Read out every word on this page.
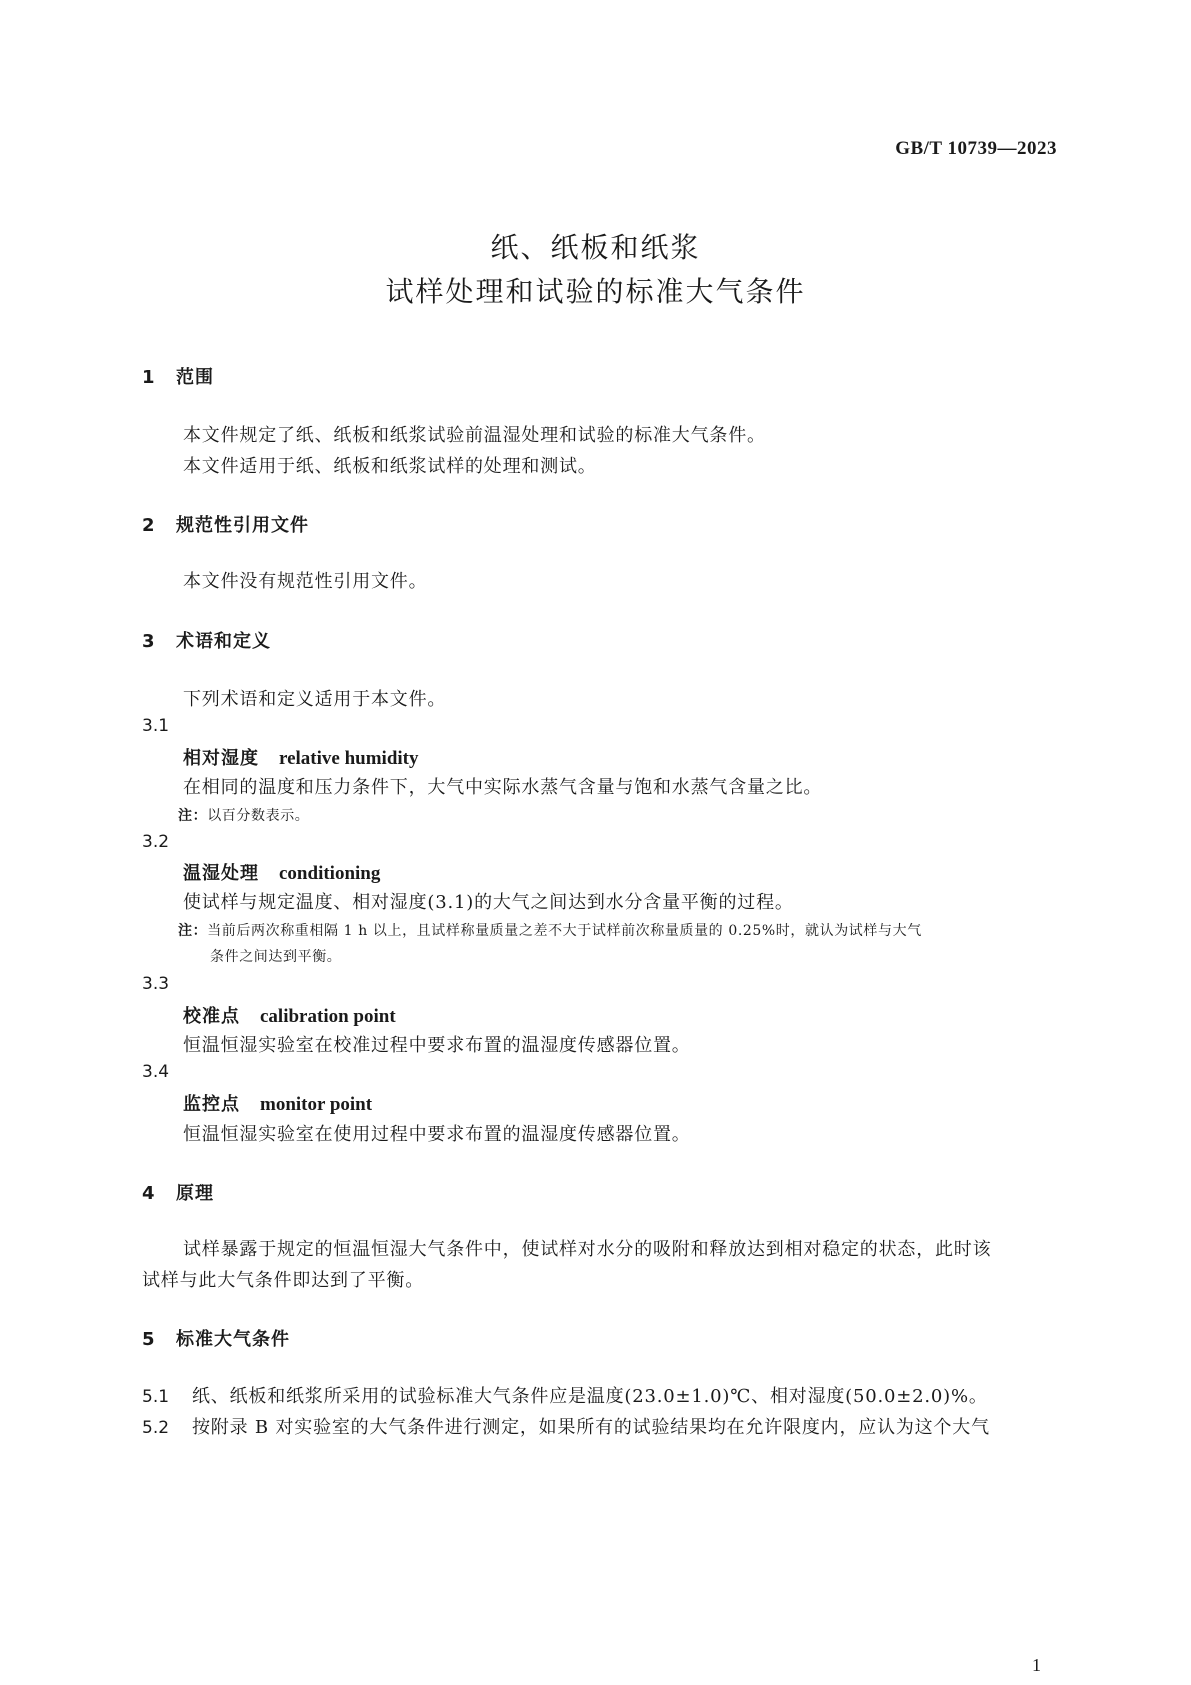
GB/T 10739—2023
纸、纸板和纸浆
试样处理和试验的标准大气条件
1 范围
本文件规定了纸、纸板和纸浆试验前温湿处理和试验的标准大气条件。
本文件适用于纸、纸板和纸浆试样的处理和测试。
2 规范性引用文件
本文件没有规范性引用文件。
3 术语和定义
下列术语和定义适用于本文件。
3.1
相对湿度 relative humidity
在相同的温度和压力条件下，大气中实际水蒸气含量与饱和水蒸气含量之比。
注：以百分数表示。
3.2
温湿处理 conditioning
使试样与规定温度、相对湿度(3.1)的大气之间达到水分含量平衡的过程。
注：当前后两次称重相隔 1 h 以上，且试样称量质量之差不大于试样前次称量质量的 0.25%时，就认为试样与大气
条件之间达到平衡。
3.3
校准点 calibration point
恒温恒湿实验室在校准过程中要求布置的温湿度传感器位置。
3.4
监控点 monitor point
恒温恒湿实验室在使用过程中要求布置的温湿度传感器位置。
4 原理
试样暴露于规定的恒温恒湿大气条件中，使试样对水分的吸附和释放达到相对稳定的状态，此时该
试样与此大气条件即达到了平衡。
5 标准大气条件
5.1 纸、纸板和纸浆所采用的试验标准大气条件应是温度(23.0±1.0)℃、相对湿度(50.0±2.0)%。
5.2 按附录 B 对实验室的大气条件进行测定，如果所有的试验结果均在允许限度内，应认为这个大气
1
